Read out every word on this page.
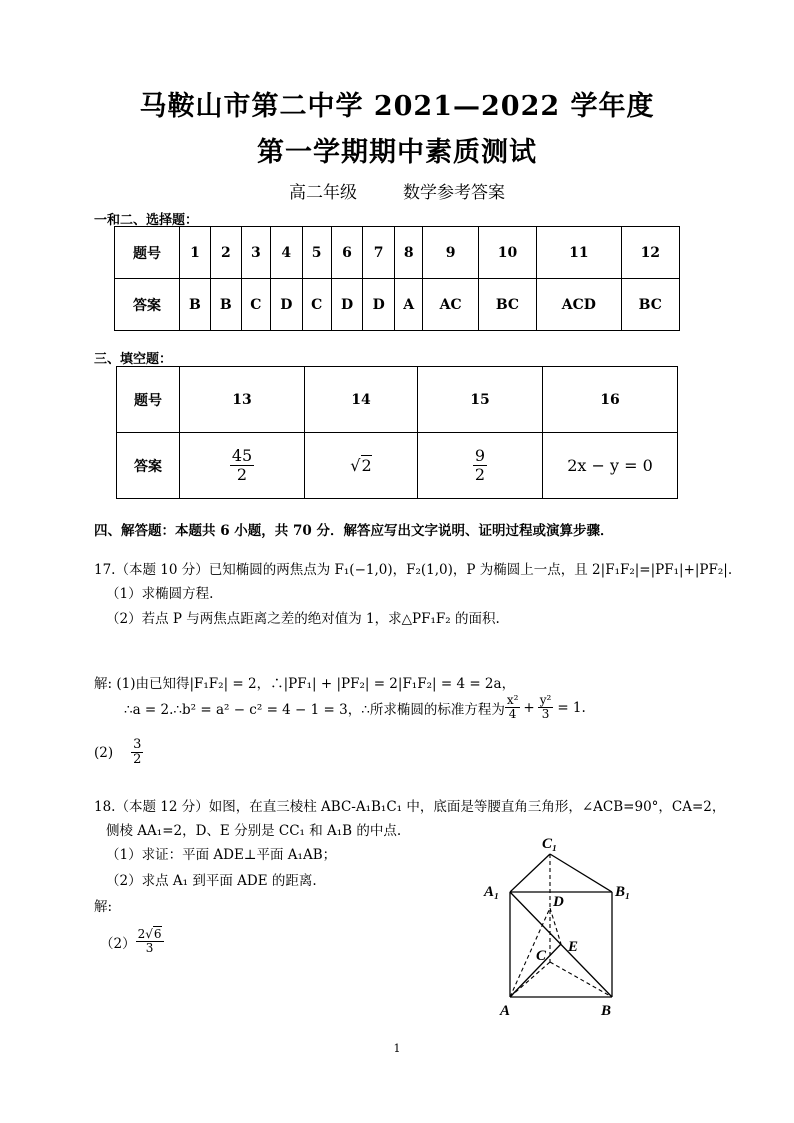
马鞍山市第二中学 2021—2022 学年度
第一学期期中素质测试
高二年级	数学参考答案
一和二、选择题：
题号	1	2	3	4	5	6	7	8	9	10	11	12
答案	B	B	C	D	C	D	D	A	AC	BC	ACD	BC
三、填空题：
题号	13	14	15	16
答案	$\frac{45}{2}$	√2	$\frac{9}{2}$	2x − y = 0
四、解答题：本题共 6 小题，共 70 分．解答应写出文字说明、证明过程或演算步骤．
17.（本题 10 分）已知椭圆的两焦点为 F₁(−1,0)，F₂(1,0)，P 为椭圆上一点，且 2|F₁F₂|=|PF₁|+|PF₂|.
（1）求椭圆方程.
（2）若点 P 与两焦点距离之差的绝对值为 1，求△PF₁F₂ 的面积.
解: (1)由已知得|F₁F₂| = 2，∴|PF₁| + |PF₂| = 2|F₁F₂| = 4 = 2a，
∴a = 2.∴b² = a² − c² = 4 − 1 = 3，∴所求椭圆的标准方程为 $\frac{\text{x²}}{4} + \frac{\text{y²}}{3} = 1$.
$(2) \frac{3}{2}$
18.（本题 12 分）如图，在直三棱柱 ABC-A₁B₁C₁ 中，底面是等腰直角三角形，∠ACB=90°，CA=2，
侧棱 AA₁=2，D、E 分别是 CC₁ 和 A₁B 的中点.
（1）求证：平面 ADE⊥平面 A₁AB；
（2）求点 A₁ 到平面 ADE 的距离.
解:
$(2) \frac{2√6}{3}$
C₁
A₁	B₁
D
C
E
A	B
1
